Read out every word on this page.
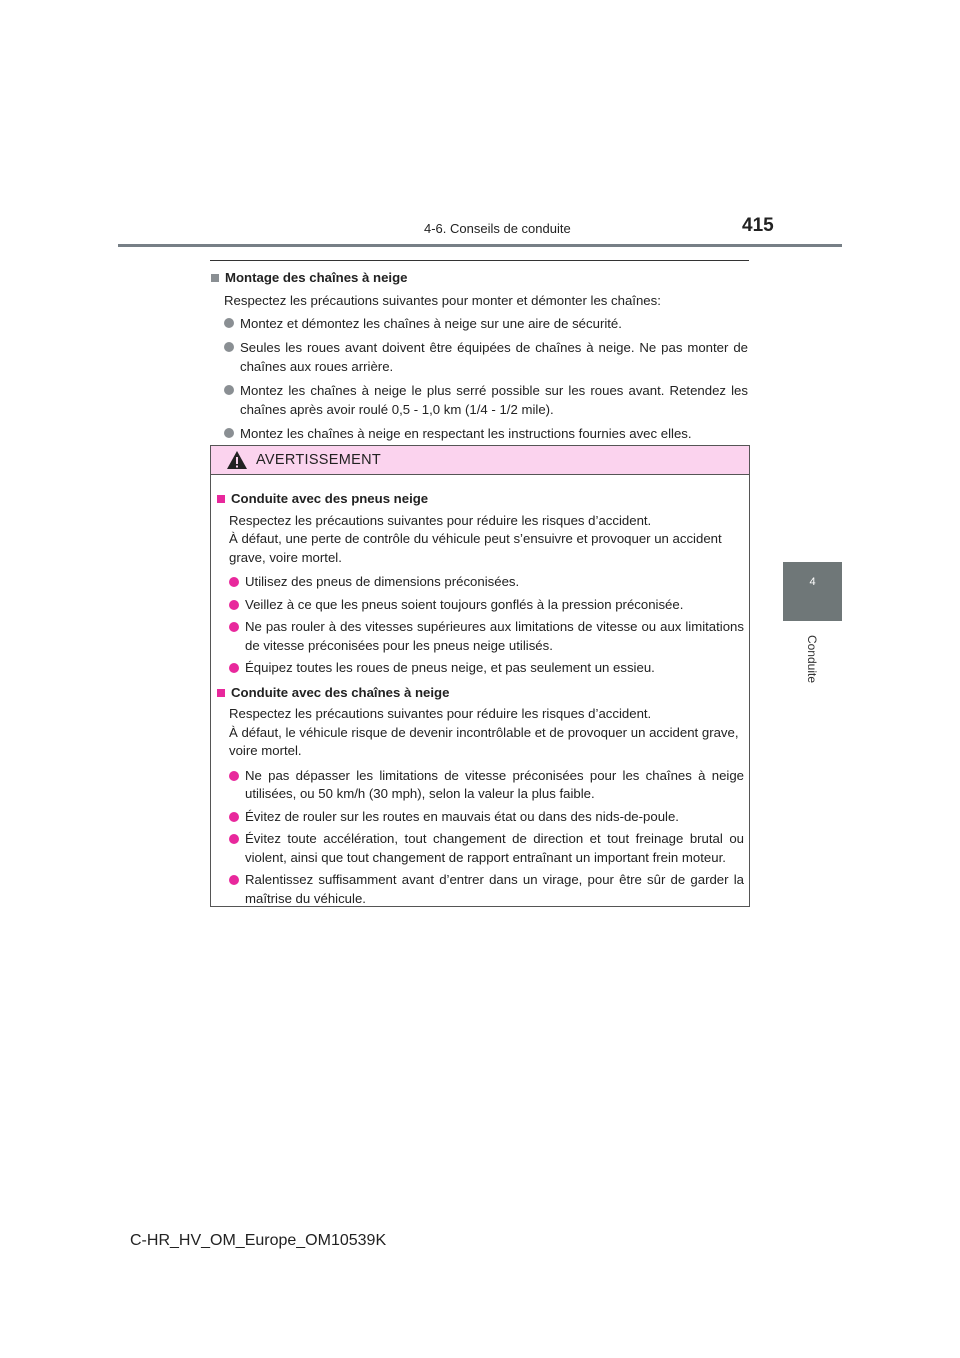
4-6. Conseils de conduite	415
4
Conduite
Montage des chaînes à neige
Respectez les précautions suivantes pour monter et démonter les chaînes:
Montez et démontez les chaînes à neige sur une aire de sécurité.
Seules les roues avant doivent être équipées de chaînes à neige. Ne pas monter de chaînes aux roues arrière.
Montez les chaînes à neige le plus serré possible sur les roues avant. Retendez les chaînes après avoir roulé 0,5 - 1,0 km (1/4 - 1/2 mile).
Montez les chaînes à neige en respectant les instructions fournies avec elles.
AVERTISSEMENT
Conduite avec des pneus neige
Respectez les précautions suivantes pour réduire les risques d’accident.
À défaut, une perte de contrôle du véhicule peut s’ensuivre et provoquer un accident grave, voire mortel.
Utilisez des pneus de dimensions préconisées.
Veillez à ce que les pneus soient toujours gonflés à la pression préconisée.
Ne pas rouler à des vitesses supérieures aux limitations de vitesse ou aux limitations de vitesse préconisées pour les pneus neige utilisés.
Équipez toutes les roues de pneus neige, et pas seulement un essieu.
Conduite avec des chaînes à neige
Respectez les précautions suivantes pour réduire les risques d’accident.
À défaut, le véhicule risque de devenir incontrôlable et de provoquer un accident grave, voire mortel.
Ne pas dépasser les limitations de vitesse préconisées pour les chaînes à neige utilisées, ou 50 km/h (30 mph), selon la valeur la plus faible.
Évitez de rouler sur les routes en mauvais état ou dans des nids-de-poule.
Évitez toute accélération, tout changement de direction et tout freinage brutal ou violent, ainsi que tout changement de rapport entraînant un important frein moteur.
Ralentissez suffisamment avant d’entrer dans un virage, pour être sûr de garder la maîtrise du véhicule.
C-HR_HV_OM_Europe_OM10539K
